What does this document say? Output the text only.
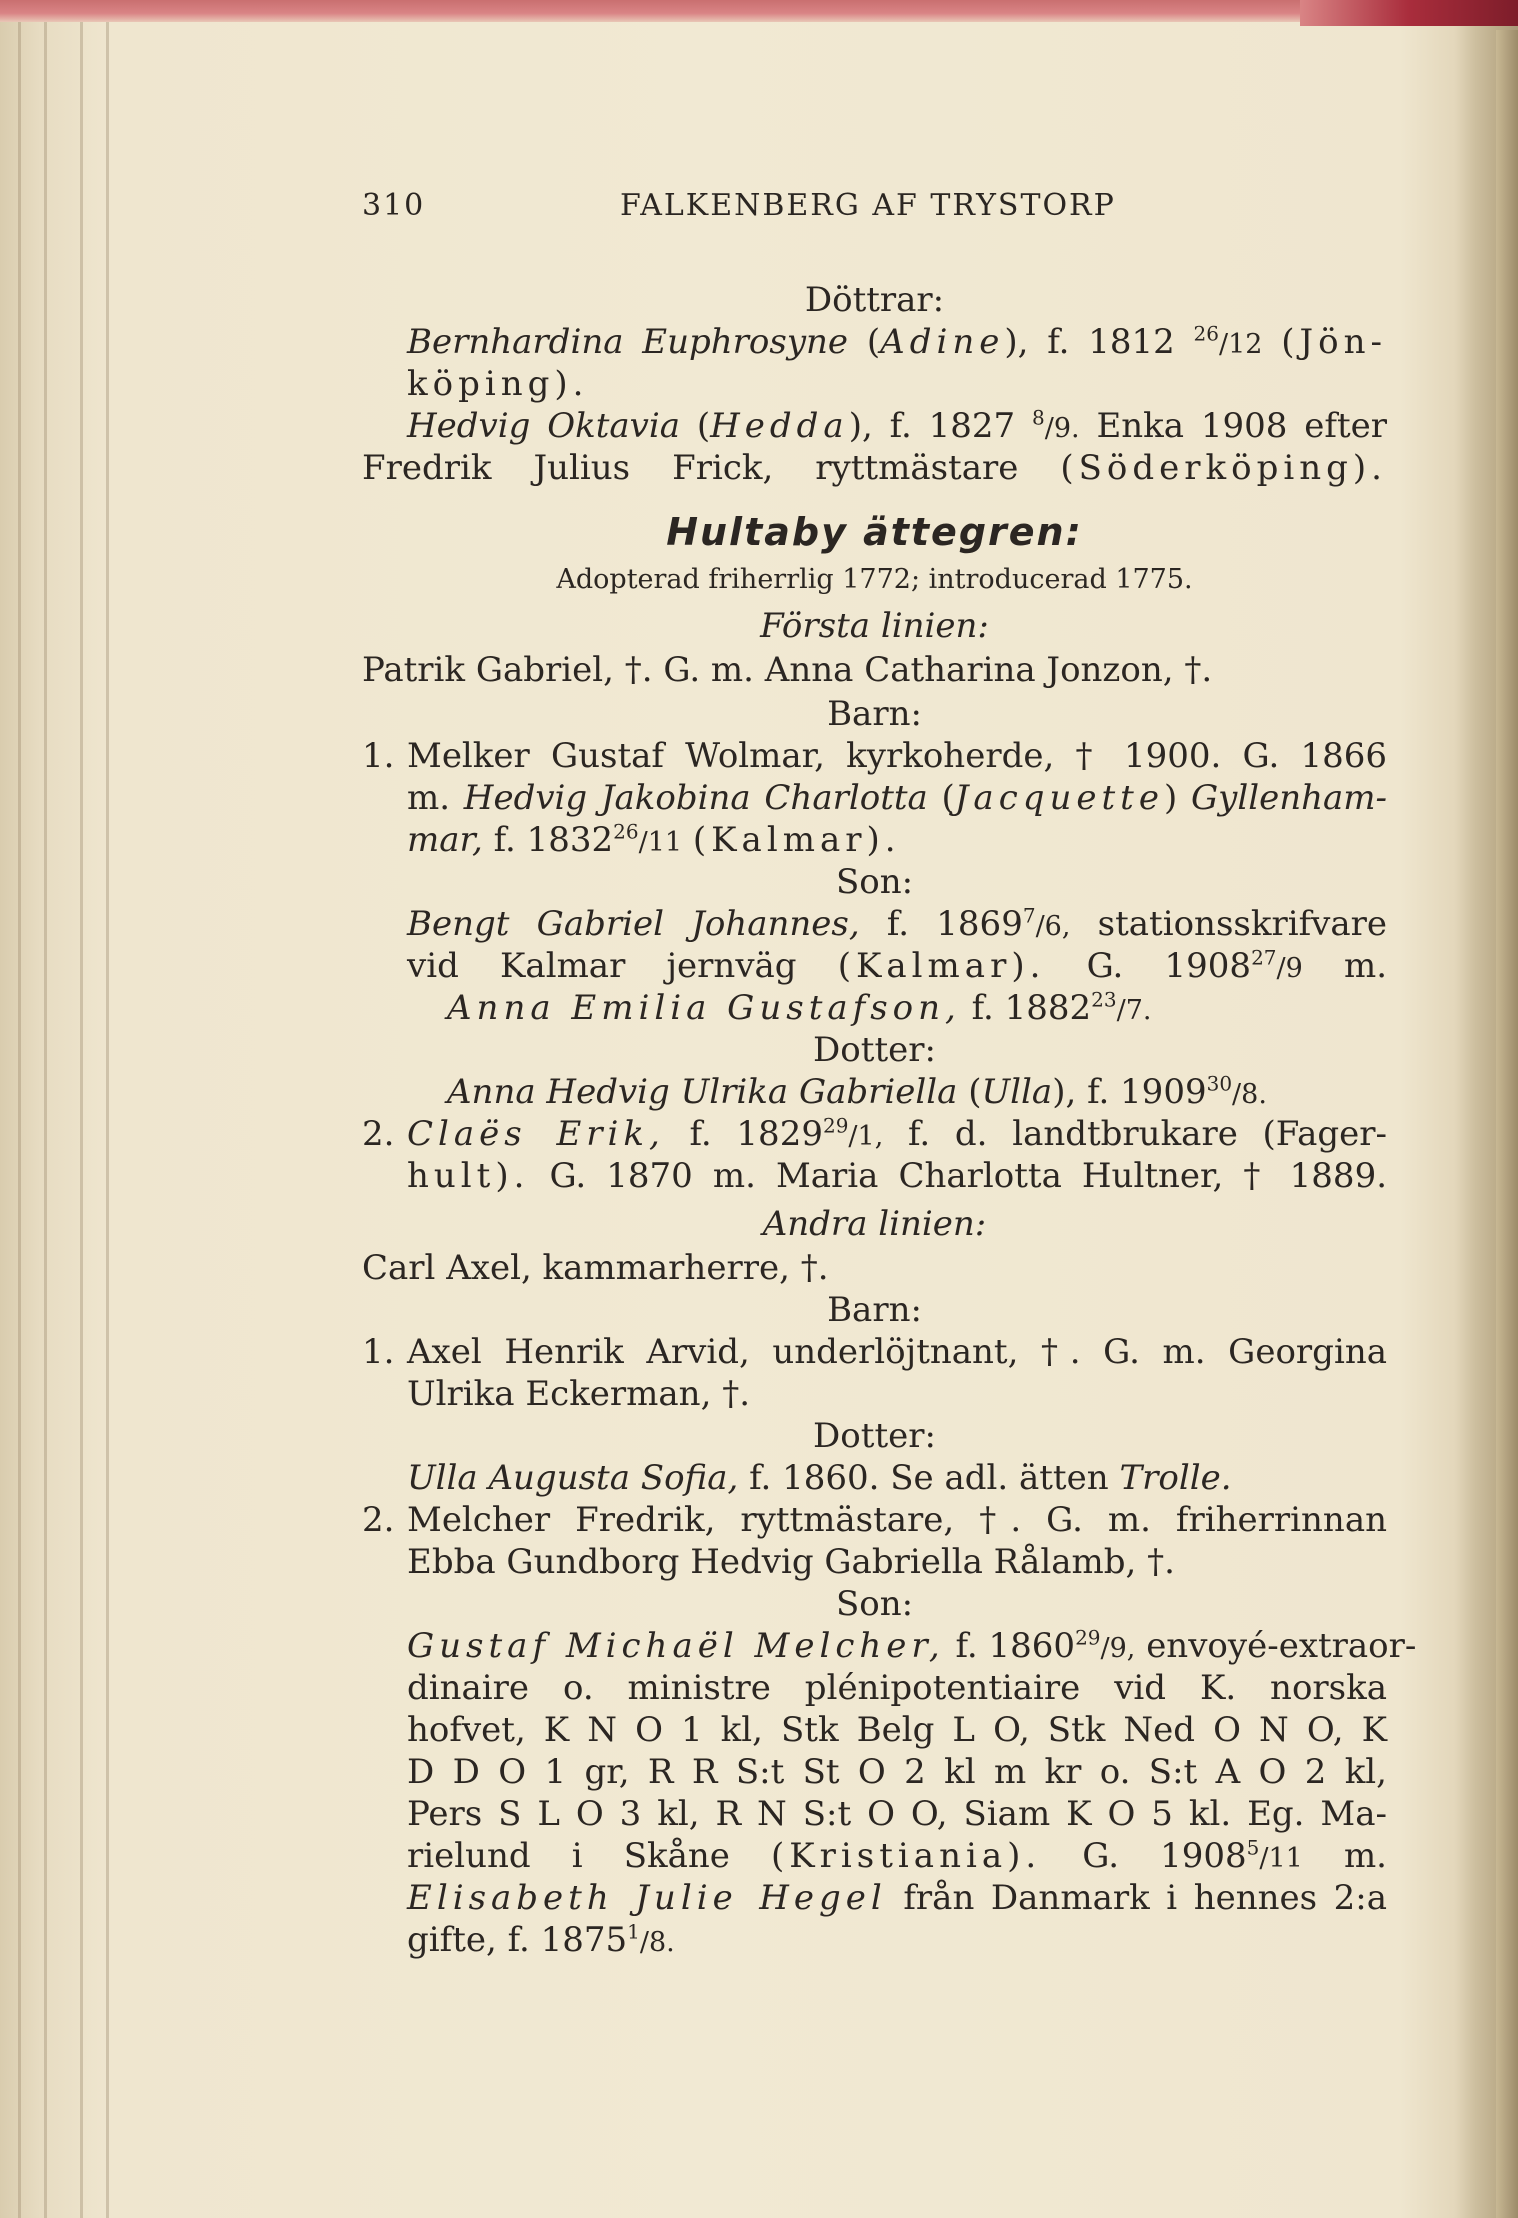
310	FALKENBERG AF TRYSTORP
Döttrar:
Bernhardina Euphrosyne (Adine), f. 1812 $^{26}$/12 (Jön-
köping).
Hedvig Oktavia (Hedda), f. 1827 $^8$/9. Enka 1908 efter
Fredrik Julius Frick, ryttmästare (Söderköping).
Hultaby ättegren:
Adopterad friherrlig 1772; introducerad 1775.
Första linien:
Patrik Gabriel, †. G. m. Anna Catharina Jonzon, †.
Barn:
1. Melker Gustaf Wolmar, kyrkoherde, † 1900. G. 1866
m. Hedvig Jakobina Charlotta (Jacquette) Gyllenham-
mar, f. 1832$^{26}$/11 (Kalmar).
Son:
Bengt Gabriel Johannes, f. 1869$^7$/6, stationsskrifvare
vid Kalmar jernväg (Kalmar). G. 1908$^{27}$/9 m.
Anna Emilia Gustafson, f. 1882$^{23}$/7.
Dotter:
Anna Hedvig Ulrika Gabriella (Ulla), f. 1909$^{30}$/8.
2. Claës Erik, f. 1829$^{29}$/1, f. d. landtbrukare (Fager-
hult). G. 1870 m. Maria Charlotta Hultner, † 1889.
Andra linien:
Carl Axel, kammarherre, †.
Barn:
1. Axel Henrik Arvid, underlöjtnant, †. G. m. Georgina
Ulrika Eckerman, †.
Dotter:
Ulla Augusta Sofia, f. 1860. Se adl. ätten Trolle.
2. Melcher Fredrik, ryttmästare, †. G. m. friherrinnan
Ebba Gundborg Hedvig Gabriella Rålamb, †.
Son:
Gustaf Michaël Melcher, f. 1860$^{29}$/9, envoyé-extraor-
dinaire o. ministre plénipotentiaire vid K. norska
hofvet, K N O 1 kl, Stk Belg L O, Stk Ned O N O, K
D D O 1 gr, R R S:t St O 2 kl m kr o. S:t A O 2 kl,
Pers S L O 3 kl, R N S:t O O, Siam K O 5 kl. Eg. Ma-
rielund i Skåne (Kristiania). G. 1908$^5$/11 m.
Elisabeth Julie Hegel från Danmark i hennes 2:a
gifte, f. 1875$^1$/8.
